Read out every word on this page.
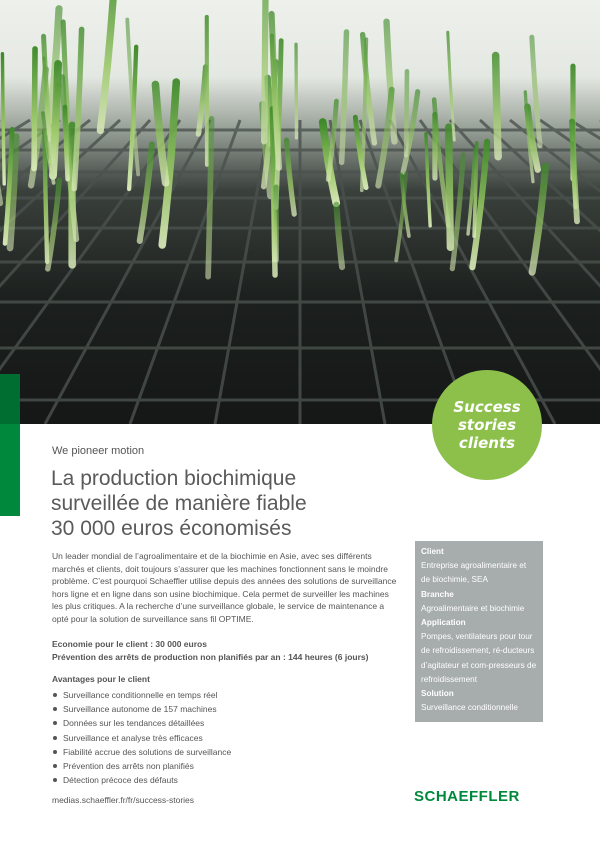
Success
stories
clients
We pioneer motion
La production biochimique
surveillée de manière fiable
30 000 euros économisés

Un leader mondial de l’agroalimentaire et de la biochimie en Asie, avec ses différents marchés et clients, doit toujours s’assurer que les machines fonctionnent sans le moindre problème. C’est pourquoi Schaeffler utilise depuis des années des solutions de surveillance hors ligne et en ligne dans son usine biochimique. Cela permet de surveiller les machines les plus critiques. A la recherche d’une surveillance globale, le service de maintenance a opté pour la solution de surveillance sans fil OPTIME.

Economie pour le client : 30 000 euros
Prévention des arrêts de production non planifiés par an : 144 heures (6 jours)
Avantages pour le client
Surveillance conditionnelle en temps réel
Surveillance autonome de 157 machines
Données sur les tendances détaillées
Surveillance et analyse très efficaces
Fiabilité accrue des solutions de surveillance
Prévention des arrêts non planifiés
Détection précoce des défauts
medias.schaeffler.fr/fr/success-stories
Client
Entreprise agroalimentaire et de biochimie, SEA
Branche
Agroalimentaire et biochimie
Application
Pompes, ventilateurs pour tour de refroidissement, ré-ducteurs d’agitateur et com-presseurs de refroidissement
Solution
Surveillance conditionnelle
SCHAEFFLER
